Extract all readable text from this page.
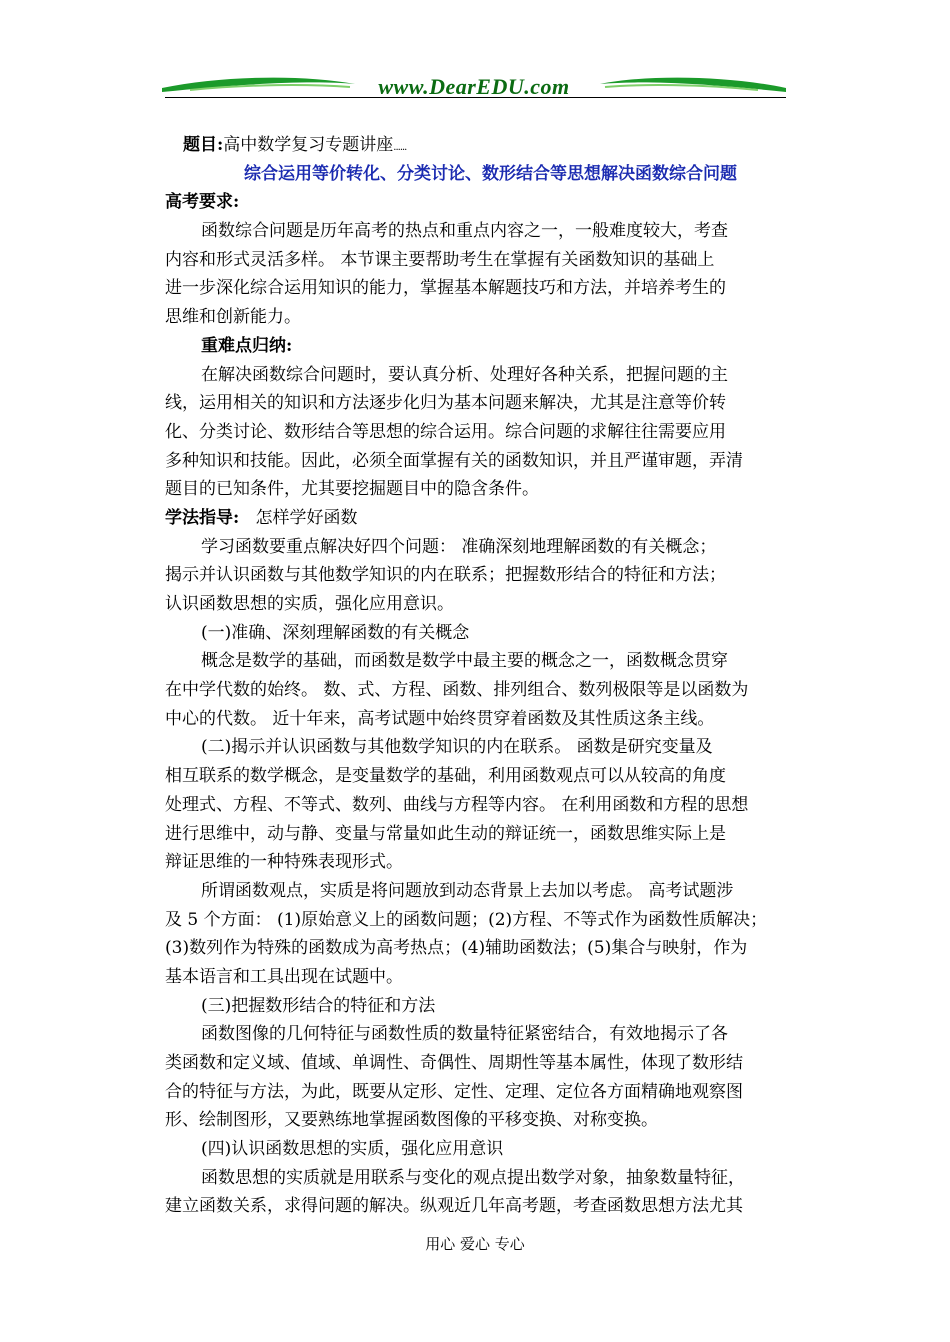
www.DearEDU.com
题目:高中数学复习专题讲座......
综合运用等价转化、分类讨论、数形结合等思想解决函数综合问题
高考要求:
函数综合问题是历年高考的热点和重点内容之一，一般难度较大，考查
内容和形式灵活多样。 本节课主要帮助考生在掌握有关函数知识的基础上
进一步深化综合运用知识的能力，掌握基本解题技巧和方法，并培养考生的
思维和创新能力。
重难点归纳:
在解决函数综合问题时，要认真分析、处理好各种关系，把握问题的主
线，运用相关的知识和方法逐步化归为基本问题来解决，尤其是注意等价转
化、分类讨论、数形结合等思想的综合运用。综合问题的求解往往需要应用
多种知识和技能。因此，必须全面掌握有关的函数知识，并且严谨审题，弄清
题目的已知条件，尤其要挖掘题目中的隐含条件。
学法指导: 怎样学好函数
学习函数要重点解决好四个问题： 准确深刻地理解函数的有关概念；
揭示并认识函数与其他数学知识的内在联系；把握数形结合的特征和方法；
认识函数思想的实质，强化应用意识。
(一)准确、深刻理解函数的有关概念
概念是数学的基础，而函数是数学中最主要的概念之一，函数概念贯穿
在中学代数的始终。 数、式、方程、函数、排列组合、数列极限等是以函数为
中心的代数。 近十年来，高考试题中始终贯穿着函数及其性质这条主线。
(二)揭示并认识函数与其他数学知识的内在联系。 函数是研究变量及
相互联系的数学概念，是变量数学的基础，利用函数观点可以从较高的角度
处理式、方程、不等式、数列、曲线与方程等内容。 在利用函数和方程的思想
进行思维中，动与静、变量与常量如此生动的辩证统一，函数思维实际上是
辩证思维的一种特殊表现形式。
所谓函数观点，实质是将问题放到动态背景上去加以考虑。 高考试题涉
及 5 个方面： (1)原始意义上的函数问题；(2)方程、不等式作为函数性质解决；
(3)数列作为特殊的函数成为高考热点；(4)辅助函数法；(5)集合与映射，作为
基本语言和工具出现在试题中。
(三)把握数形结合的特征和方法
函数图像的几何特征与函数性质的数量特征紧密结合，有效地揭示了各
类函数和定义域、值域、单调性、奇偶性、周期性等基本属性，体现了数形结
合的特征与方法，为此，既要从定形、定性、定理、定位各方面精确地观察图
形、绘制图形，又要熟练地掌握函数图像的平移变换、对称变换。
(四)认识函数思想的实质，强化应用意识
函数思想的实质就是用联系与变化的观点提出数学对象，抽象数量特征，
建立函数关系，求得问题的解决。纵观近几年高考题，考查函数思想方法尤其
用心 爱心 专心
